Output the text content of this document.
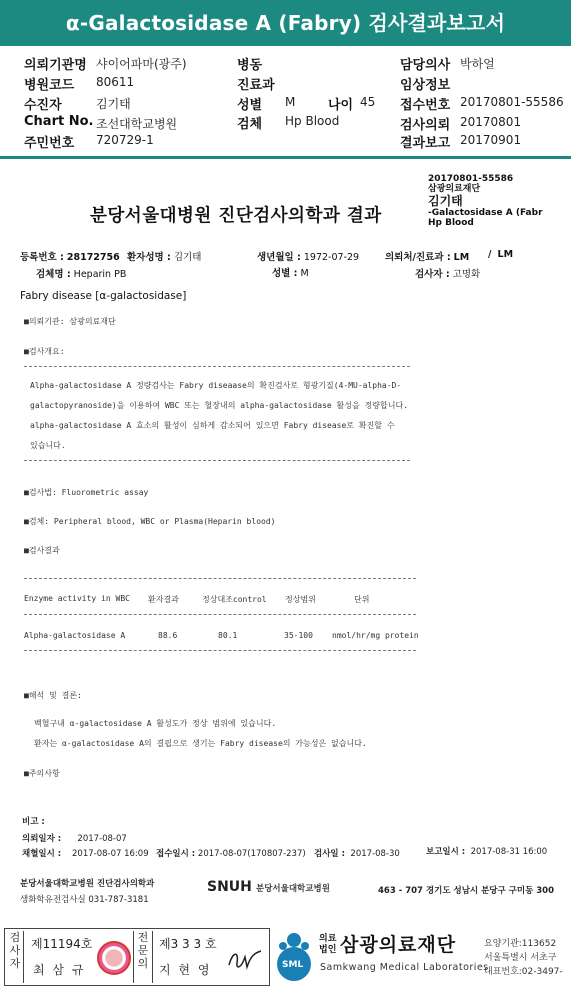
α-Galactosidase A (Fabry) 검사결과보고서
의뢰기관명 샤이어파마(광주)
병원코드 80611
수진자	김기태
Chart No. 조선대학교병원
주민번호 720729-1
병동
진료과
성별 M	나이 45
검체 Hp Blood
담당의사 박하얼
임상정보
접수번호 20170801-55586
검사의뢰 20170801
결과보고 20170901
20170801-55586
삼광의료재단
김기태
-Galactosidase A (Fabr
Hp Blood
분당서울대병원 진단검사의학과 결과
등록번호 : 28172756 환자성명 : 김기태	생년월일 : 1972-07-29	의뢰처/진료과 : LM / LM
검체명 : Heparin PB	성별 : M	검사자 : 고명화
Fabry disease [α-galactosidase]
■의뢰기관: 삼광의료재단
■검사개요:
Alpha-galactosidase A 정량검사는 Fabry diseaase의 확진검사로 형광기질(4-MU-alpha-D-
galactopyranoside)을 이용하여 WBC 또는 혈장내의 alpha-galactosidase 활성을 정량합니다.
alpha-galactosidase A 효소의 활성이 심하게 감소되어 있으면 Fabry disease로 확진할 수
있습니다.
■검사법: Fluorometric assay
■검체: Peripheral blood, WBC or Plasma(Heparin blood)
■검사결과
Enzyme activity in WBC 환자결과	정상대조control 정상범위	단위
Alpha-galactosidase A	88.6	80.1	35-100 nmol/hr/mg protein
■해석 및 결론:
백혈구내 α-galactosidase A 활성도가 정상 범위에 있습니다.
환자는 α-galactosidase A의 결핍으로 생기는 Fabry disease의 가능성은 없습니다.
■주의사항
비고 :
의뢰일자 : 2017-08-07
채혈일시 : 2017-08-07 16:09 접수일시 : 2017-08-07(170807-237) 검사일 : 2017-08-30	보고일시 : 2017-08-31 16:00
분당서울대학교병원 진단검사의학과
생화학유전검사실 031-787-3181
SNUH 분당서울대학교병원	463 - 707 경기도 성남시 분당구 구미동 300
검
사
자
제11194호
최 삼 규
전
문
의
제3 3 3 호
지 현 영	SML
의료
법인 삼광의료재단
Samkwang Medical Laboratories
요양기관:113652
서울특별시 서초구
대표번호:02-3497-
